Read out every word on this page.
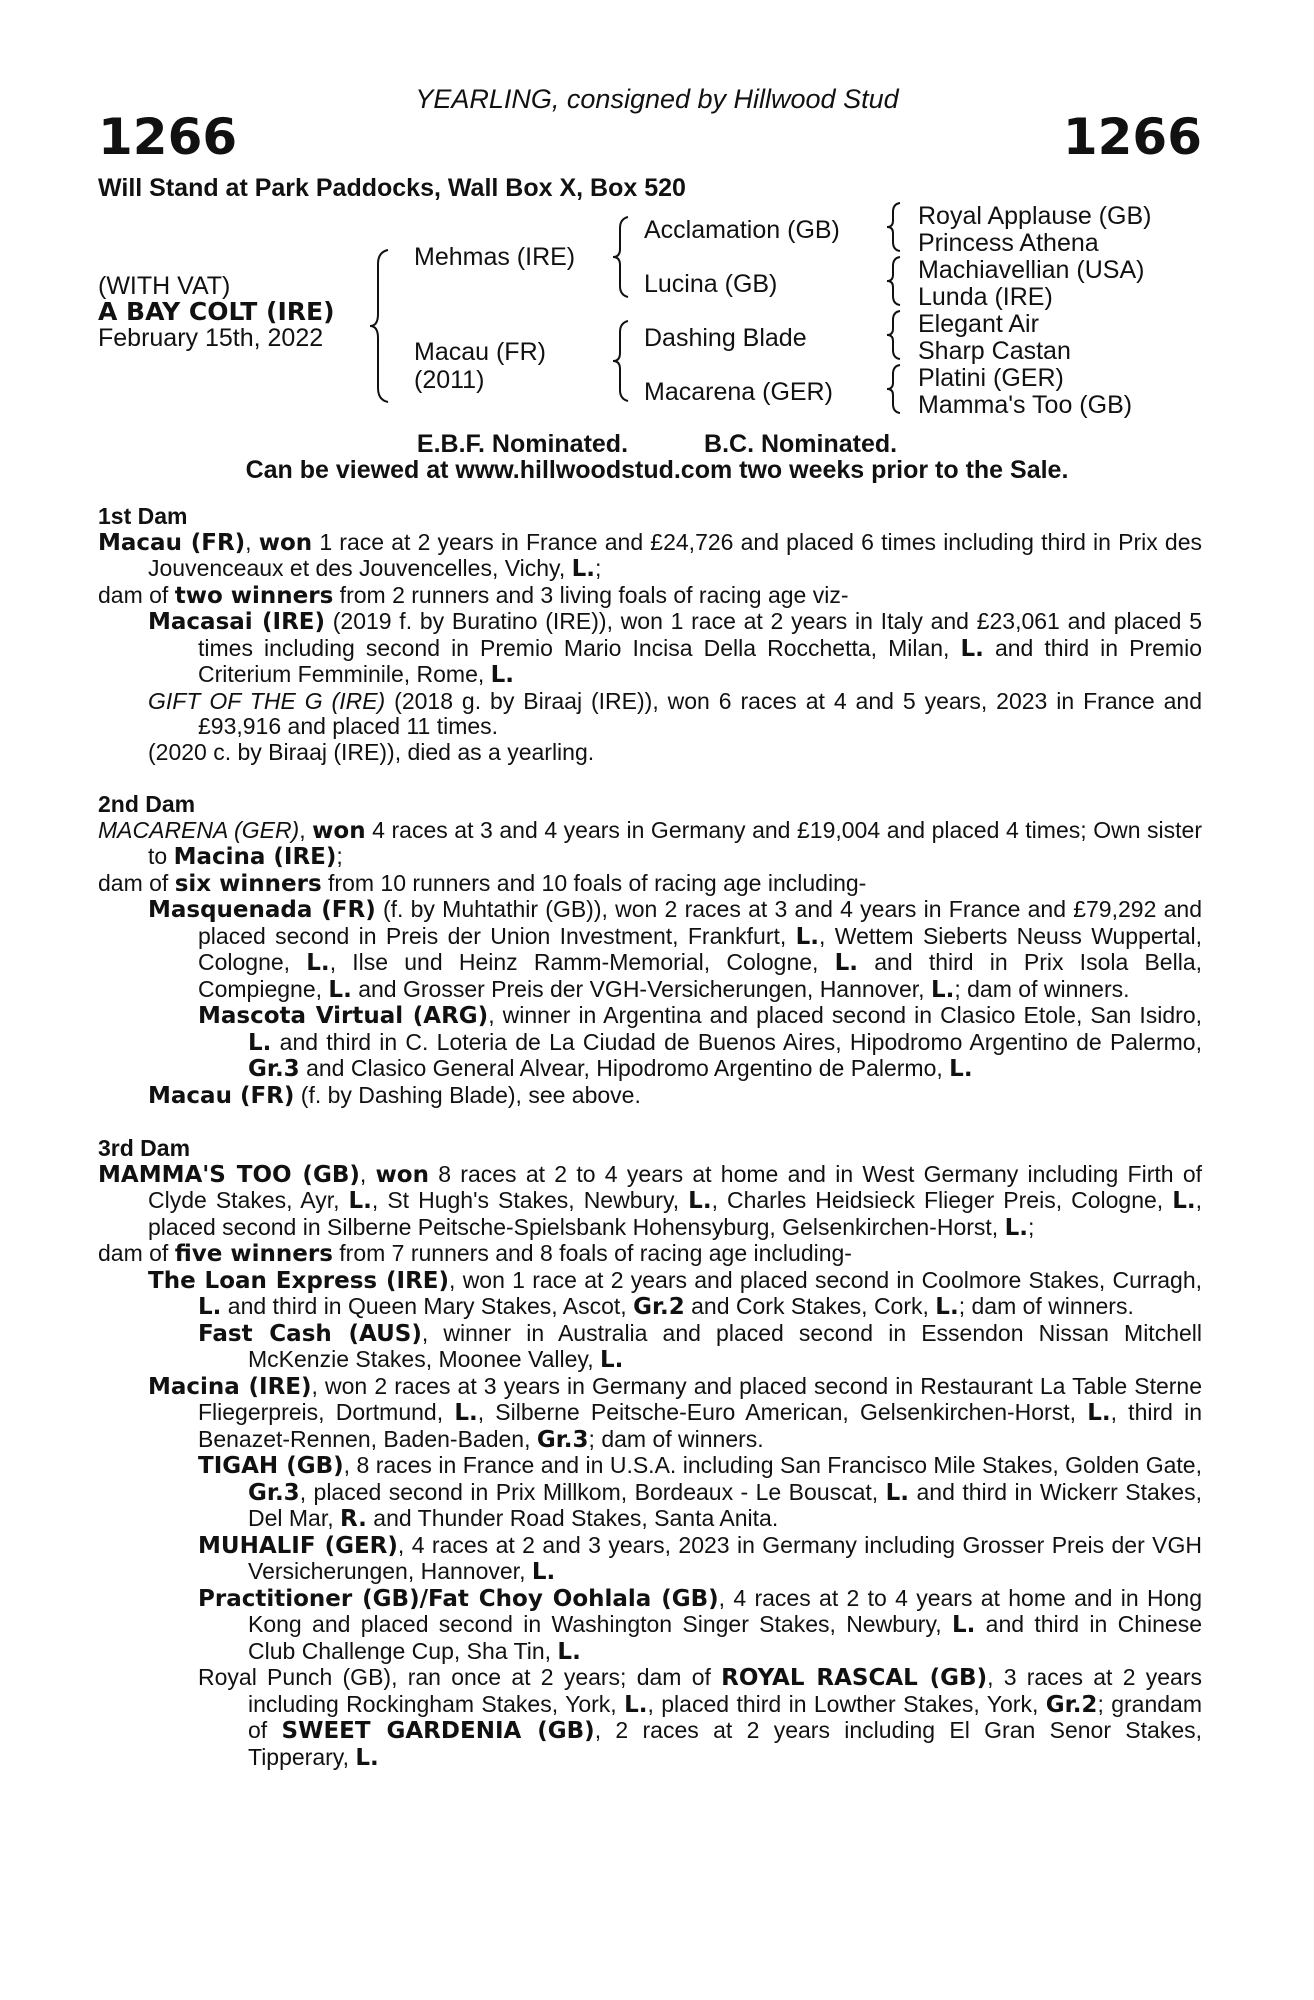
YEARLING, consigned by Hillwood Stud
1266	1266
Will Stand at Park Paddocks, Wall Box X, Box 520
(WITH VAT)
A BAY COLT (IRE)
February 15th, 2022
Mehmas (IRE)
Macau (FR)
(2011)
Acclamation (GB)
Lucina (GB)
Dashing Blade
Macarena (GER)
Royal Applause (GB)
Princess Athena
Machiavellian (USA)
Lunda (IRE)
Elegant Air
Sharp Castan
Platini (GER)
Mamma's Too (GB)
E.B.F. Nominated.	B.C. Nominated.
Can be viewed at www.hillwoodstud.com two weeks prior to the Sale.
1st Dam

Macau (FR), won 1 race at 2 years in France and £24,726 and placed 6 times including third in Prix des Jouvenceaux et des Jouvencelles, Vichy, L.;

dam of two winners from 2 runners and 3 living foals of racing age viz-

Macasai (IRE) (2019 f. by Buratino (IRE)), won 1 race at 2 years in Italy and £23,061 and placed 5 times including second in Premio Mario Incisa Della Rocchetta, Milan, L. and third in Premio Criterium Femminile, Rome, L.

GIFT OF THE G (IRE) (2018 g. by Biraaj (IRE)), won 6 races at 4 and 5 years, 2023 in France and £93,916 and placed 11 times.

(2020 c. by Biraaj (IRE)), died as a yearling.

2nd Dam

MACARENA (GER), won 4 races at 3 and 4 years in Germany and £19,004 and placed 4 times; Own sister to Macina (IRE);

dam of six winners from 10 runners and 10 foals of racing age including-

Masquenada (FR) (f. by Muhtathir (GB)), won 2 races at 3 and 4 years in France and £79,292 and placed second in Preis der Union Investment, Frankfurt, L., Wettem Sieberts Neuss Wuppertal, Cologne, L., Ilse und Heinz Ramm-Memorial, Cologne, L. and third in Prix Isola Bella, Compiegne, L. and Grosser Preis der VGH-Versicherungen, Hannover, L.; dam of winners.

Mascota Virtual (ARG), winner in Argentina and placed second in Clasico Etole, San Isidro, L. and third in C. Loteria de La Ciudad de Buenos Aires, Hipodromo Argentino de Palermo, Gr.3 and Clasico General Alvear, Hipodromo Argentino de Palermo, L.

Macau (FR) (f. by Dashing Blade), see above.

3rd Dam

MAMMA'S TOO (GB), won 8 races at 2 to 4 years at home and in West Germany including Firth of Clyde Stakes, Ayr, L., St Hugh's Stakes, Newbury, L., Charles Heidsieck Flieger Preis, Cologne, L., placed second in Silberne Peitsche-Spielsbank Hohensyburg, Gelsenkirchen-Horst, L.;

dam of five winners from 7 runners and 8 foals of racing age including-

The Loan Express (IRE), won 1 race at 2 years and placed second in Coolmore Stakes, Curragh, L. and third in Queen Mary Stakes, Ascot, Gr.2 and Cork Stakes, Cork, L.; dam of winners.

Fast Cash (AUS), winner in Australia and placed second in Essendon Nissan Mitchell McKenzie Stakes, Moonee Valley, L.

Macina (IRE), won 2 races at 3 years in Germany and placed second in Restaurant La Table Sterne Fliegerpreis, Dortmund, L., Silberne Peitsche-Euro American, Gelsenkirchen-Horst, L., third in Benazet-Rennen, Baden-Baden, Gr.3; dam of winners.

TIGAH (GB), 8 races in France and in U.S.A. including San Francisco Mile Stakes, Golden Gate, Gr.3, placed second in Prix Millkom, Bordeaux - Le Bouscat, L. and third in Wickerr Stakes, Del Mar, R. and Thunder Road Stakes, Santa Anita.

MUHALIF (GER), 4 races at 2 and 3 years, 2023 in Germany including Grosser Preis der VGH Versicherungen, Hannover, L.

Practitioner (GB)/Fat Choy Oohlala (GB), 4 races at 2 to 4 years at home and in Hong Kong and placed second in Washington Singer Stakes, Newbury, L. and third in Chinese Club Challenge Cup, Sha Tin, L.

Royal Punch (GB), ran once at 2 years; dam of ROYAL RASCAL (GB), 3 races at 2 years including Rockingham Stakes, York, L., placed third in Lowther Stakes, York, Gr.2; grandam of SWEET GARDENIA (GB), 2 races at 2 years including El Gran Senor Stakes, Tipperary, L.
